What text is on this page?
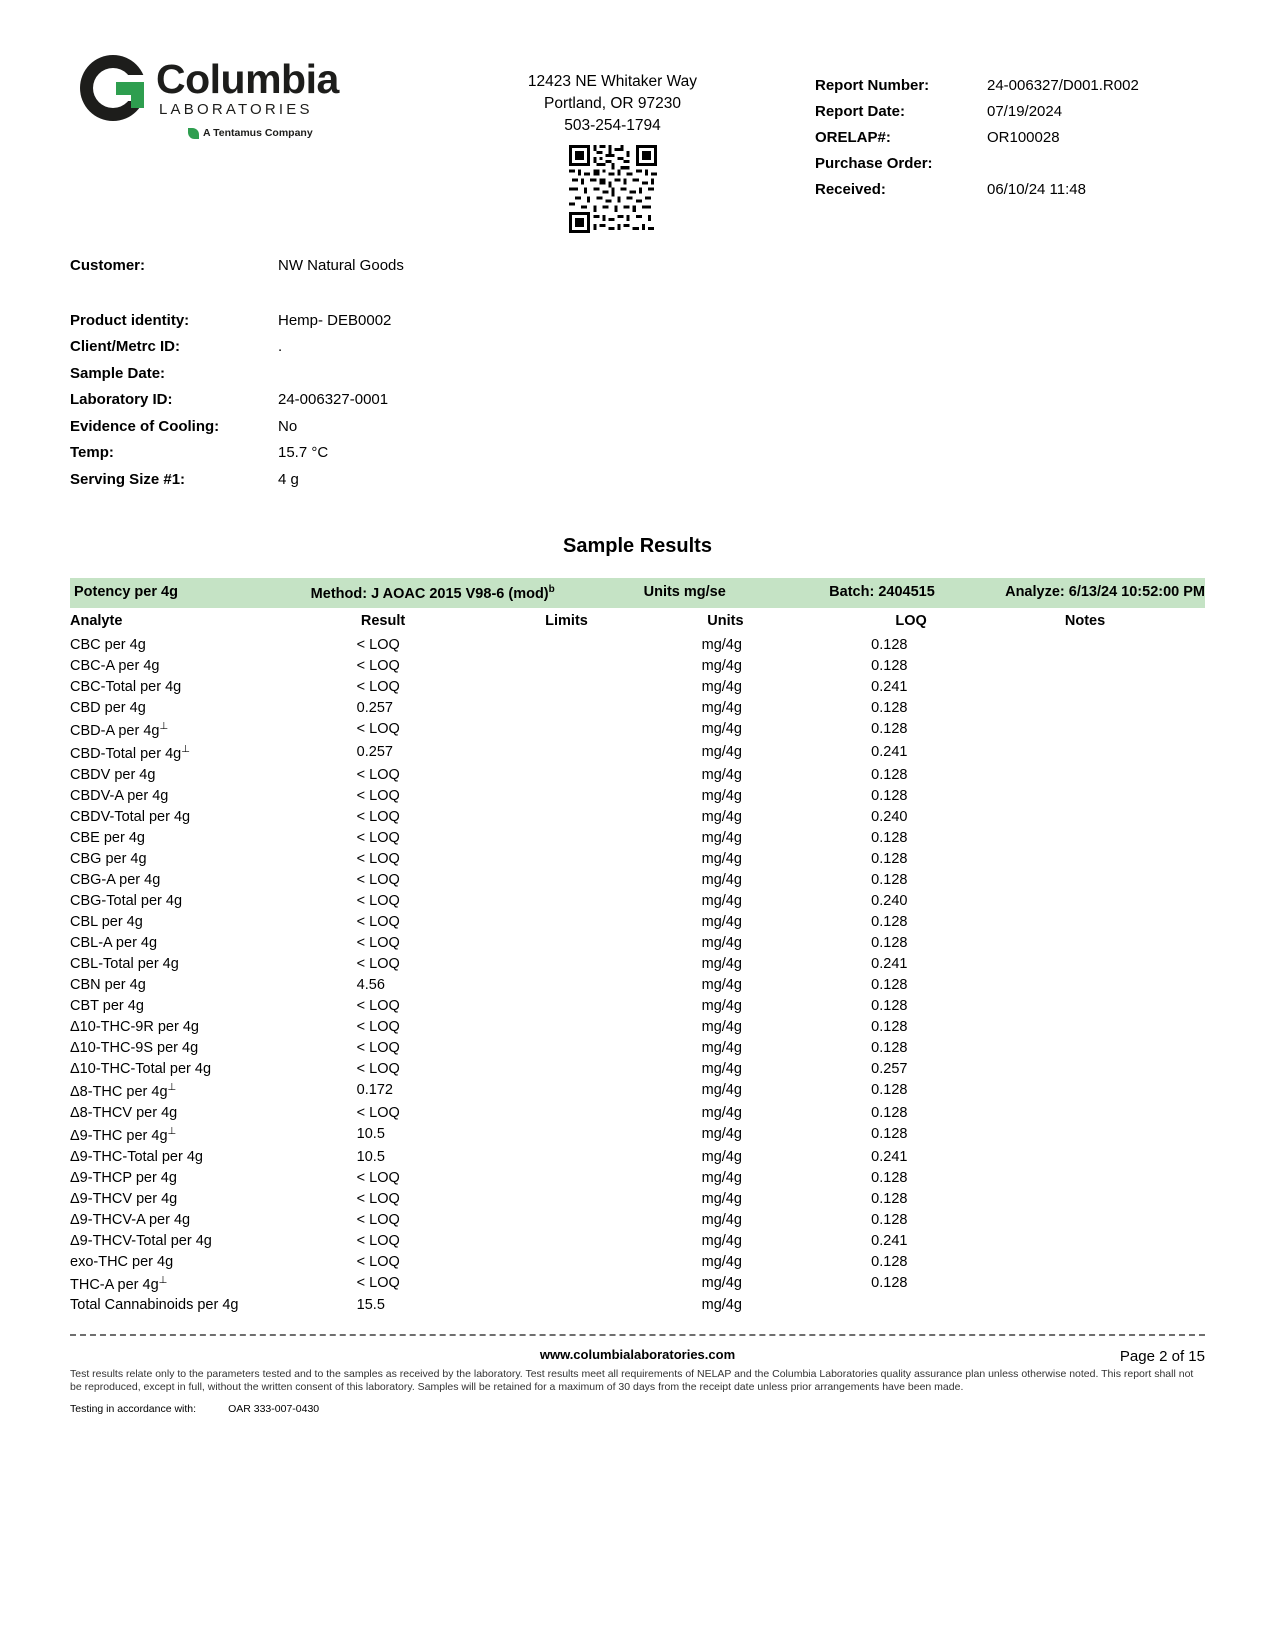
Columbia
LABORATORIES
A Tentamus Company
12423 NE Whitaker Way
Portland, OR 97230
503-254-1794
Report Number:	24-006327/D001.R002
Report Date:	07/19/2024
ORELAP#:	OR100028
Purchase Order:
Received:	06/10/24 11:48
Customer:	NW Natural Goods
Product identity:	Hemp- DEB0002
Client/Metrc ID:	.
Sample Date:
Laboratory ID:	24-006327-0001
Evidence of Cooling:	No
Temp:	15.7 °C
Serving Size #1:	4 g
Sample Results
Potency per 4g	Method: J AOAC 2015 V98-6 (mod)$^b$		Units mg/se	Batch: 2404515	Analyze: 6/13/24 10:52:00 PM
Analyte	Result	Limits	Units	LOQ	Notes
CBC per 4g	< LOQ		mg/4g	0.128	
CBC-A per 4g	< LOQ		mg/4g	0.128	
CBC-Total per 4g	< LOQ		mg/4g	0.241	
CBD per 4g	0.257		mg/4g	0.128	
CBD-A per 4g⊥	< LOQ		mg/4g	0.128	
CBD-Total per 4g⊥	0.257		mg/4g	0.241	
CBDV per 4g	< LOQ		mg/4g	0.128	
CBDV-A per 4g	< LOQ		mg/4g	0.128	
CBDV-Total per 4g	< LOQ		mg/4g	0.240	
CBE per 4g	< LOQ		mg/4g	0.128	
CBG per 4g	< LOQ		mg/4g	0.128	
CBG-A per 4g	< LOQ		mg/4g	0.128	
CBG-Total per 4g	< LOQ		mg/4g	0.240	
CBL per 4g	< LOQ		mg/4g	0.128	
CBL-A per 4g	< LOQ		mg/4g	0.128	
CBL-Total per 4g	< LOQ		mg/4g	0.241	
CBN per 4g	4.56		mg/4g	0.128	
CBT per 4g	< LOQ		mg/4g	0.128	
Δ10-THC-9R per 4g	< LOQ		mg/4g	0.128	
Δ10-THC-9S per 4g	< LOQ		mg/4g	0.128	
Δ10-THC-Total per 4g	< LOQ		mg/4g	0.257	
Δ8-THC per 4g⊥	0.172		mg/4g	0.128	
Δ8-THCV per 4g	< LOQ		mg/4g	0.128	
Δ9-THC per 4g⊥	10.5		mg/4g	0.128	
Δ9-THC-Total per 4g	10.5		mg/4g	0.241	
Δ9-THCP per 4g	< LOQ		mg/4g	0.128	
Δ9-THCV per 4g	< LOQ		mg/4g	0.128	
Δ9-THCV-A per 4g	< LOQ		mg/4g	0.128	
Δ9-THCV-Total per 4g	< LOQ		mg/4g	0.241	
exo-THC per 4g	< LOQ		mg/4g	0.128	
THC-A per 4g⊥	< LOQ		mg/4g	0.128	
Total Cannabinoids per 4g	15.5		mg/4g		
Page 2 of 15
www.columbialaboratories.com
Test results relate only to the parameters tested and to the samples as received by the laboratory. Test results meet all requirements of NELAP and the Columbia Laboratories quality assurance plan unless otherwise noted. This report shall not be reproduced, except in full, without the written consent of this laboratory. Samples will be retained for a maximum of 30 days from the receipt date unless prior arrangements have been made.
Testing in accordance with:	OAR 333-007-0430
